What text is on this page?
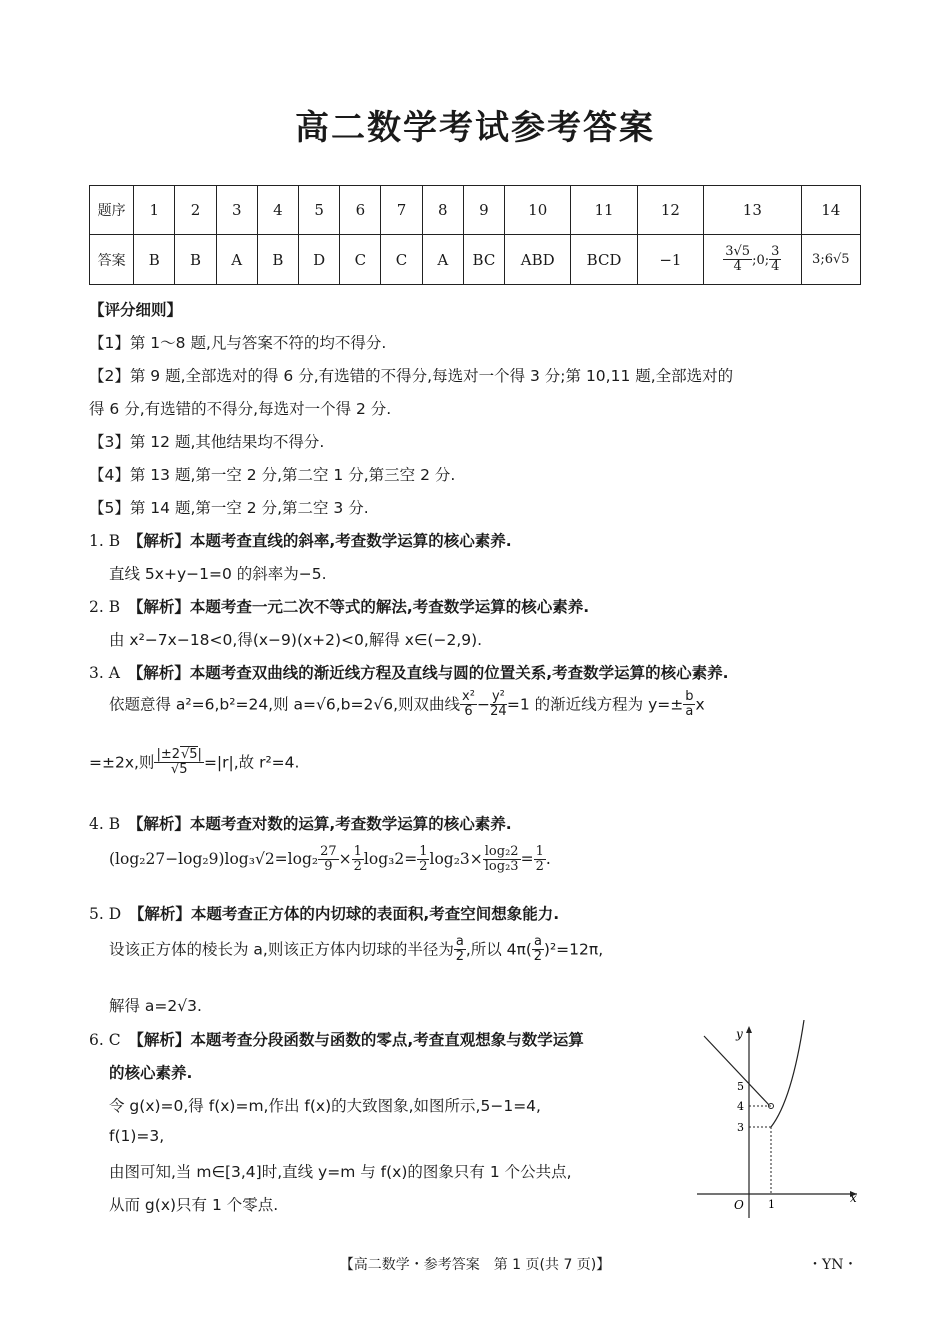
高二数学考试参考答案
题序	1	2	3	4	5	6	7	8	9	10	11	12	13	14
答案	B	B	A	B	D	C	C	A	BC	ABD	BCD	−1	$\frac{3√5}{4}$ ;0; $\frac{3}{4}$	3;6√5
【评分细则】
【1】第 1～8 题,凡与答案不符的均不得分.
【2】第 9 题,全部选对的得 6 分,有选错的不得分,每选对一个得 3 分;第 10,11 题,全部选对的
得 6 分,有选错的不得分,每选对一个得 2 分.
【3】第 12 题,其他结果均不得分.
【4】第 13 题,第一空 2 分,第二空 1 分,第三空 2 分.
【5】第 14 题,第一空 2 分,第二空 3 分.
1. B　 【解析】本题考查直线的斜率,考查数学运算的核心素养.
直线 5x+y−1=0 的斜率为−5.
2. B　 【解析】本题考查一元二次不等式的解法,考查数学运算的核心素养.
由 x²−7x−18<0,得(x−9)(x+2)<0,解得 x∈(−2,9).
3. A　 【解析】本题考查双曲线的渐近线方程及直线与圆的位置关系,考查数学运算的核心素养.
依题意得 a²=6,b²=24,则 a=√6,b=2√6,则双曲线 $\frac{\text{x²}}{6} - \frac{\text{y²}}{24} =1$ 的渐近线方程为 $y=\pm \frac{b}{a}$ x
=±2x,则 $\frac{|\pm 2√5|}{√5} =|r|$,故 r²=4.
4. B　 【解析】本题考查对数的运算,考查数学运算的核心素养.
$(\log_227-\log_29)\log_3√2=\log_2 \frac{27}{9} \times \frac{1}{2} \log_32= \frac{1}{2} \log_23\times \frac{\text{log₂2}}{\text{log₂3}} = \frac{1}{2}$ .
5. D　 【解析】本题考查正方体的内切球的表面积,考查空间想象能力.
设该正方体的棱长为 a,则该正方体内切球的半径为 $\frac{a}{2}$ ,所以 $4\pi( \frac{a}{2} )^2=12\pi$,
解得 a=2√3.
6. C　 【解析】本题考查分段函数与函数的零点,考查直观想象与数学运算
的核心素养.
令 g(x)=0,得 f(x)=m,作出 f(x)的大致图象,如图所示,5−1=4,
f(1)=3,
由图可知,当 m∈[3,4]时,直线 y=m 与 f(x)的图象只有 1 个公共点,
从而 g(x)只有 1 个零点.
y
x
O
5
4
3
1
【高二数学・参考答案　第 1 页(共 7 页)】	・YN・
